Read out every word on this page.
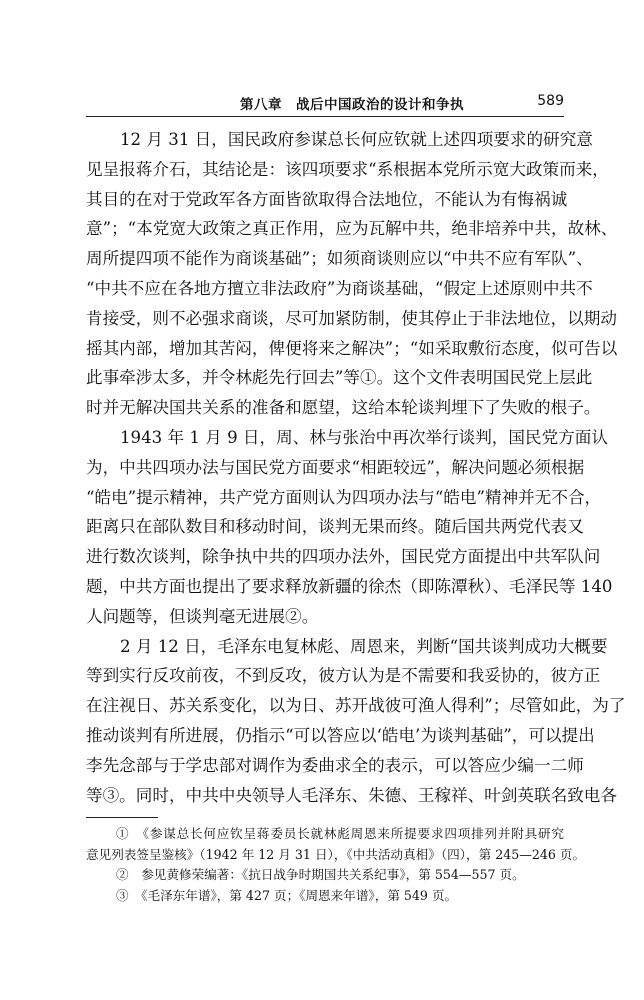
第八章　战后中国政治的设计和争执	589
12 月 31 日，国民政府参谋总长何应钦就上述四项要求的研究意
见呈报蒋介石，其结论是：该四项要求“系根据本党所示宽大政策而来，
其目的在对于党政军各方面皆欲取得合法地位，不能认为有悔祸诚
意”；“本党宽大政策之真正作用，应为瓦解中共，绝非培养中共，故林、
周所提四项不能作为商谈基础”；如须商谈则应以“中共不应有军队”、
“中共不应在各地方擅立非法政府”为商谈基础，“假定上述原则中共不
肯接受，则不必强求商谈，尽可加紧防制，使其停止于非法地位，以期动
摇其内部，增加其苦闷，俾便将来之解决”；“如采取敷衍态度，似可告以
此事牵涉太多，并令林彪先行回去”等①。这个文件表明国民党上层此
时并无解决国共关系的准备和愿望，这给本轮谈判埋下了失败的根子。
1943 年 1 月 9 日，周、林与张治中再次举行谈判，国民党方面认
为，中共四项办法与国民党方面要求“相距较远”，解决问题必须根据
“皓电”提示精神，共产党方面则认为四项办法与“皓电”精神并无不合，
距离只在部队数目和移动时间，谈判无果而终。随后国共两党代表又
进行数次谈判，除争执中共的四项办法外，国民党方面提出中共军队问
题，中共方面也提出了要求释放新疆的徐杰（即陈潭秋）、毛泽民等 140
人问题等，但谈判毫无进展②。
2 月 12 日，毛泽东电复林彪、周恩来，判断“国共谈判成功大概要
等到实行反攻前夜，不到反攻，彼方认为是不需要和我妥协的，彼方正
在注视日、苏关系变化，以为日、苏开战彼可渔人得利”；尽管如此，为了
推动谈判有所进展，仍指示“可以答应以‘皓电’为谈判基础”，可以提出
李先念部与于学忠部对调作为委曲求全的表示，可以答应少编一二师
等③。同时，中共中央领导人毛泽东、朱德、王稼祥、叶剑英联名致电各
①　《参谋总长何应钦呈蒋委员长就林彪周恩来所提要求四项排列并附具研究
意见列表签呈鉴核》（1942 年 12 月 31 日），《中共活动真相》（四），第 245—246 页。
②　参见黄修荣编著：《抗日战争时期国共关系纪事》，第 554—557 页。
③　《毛泽东年谱》，第 427 页；《周恩来年谱》，第 549 页。
